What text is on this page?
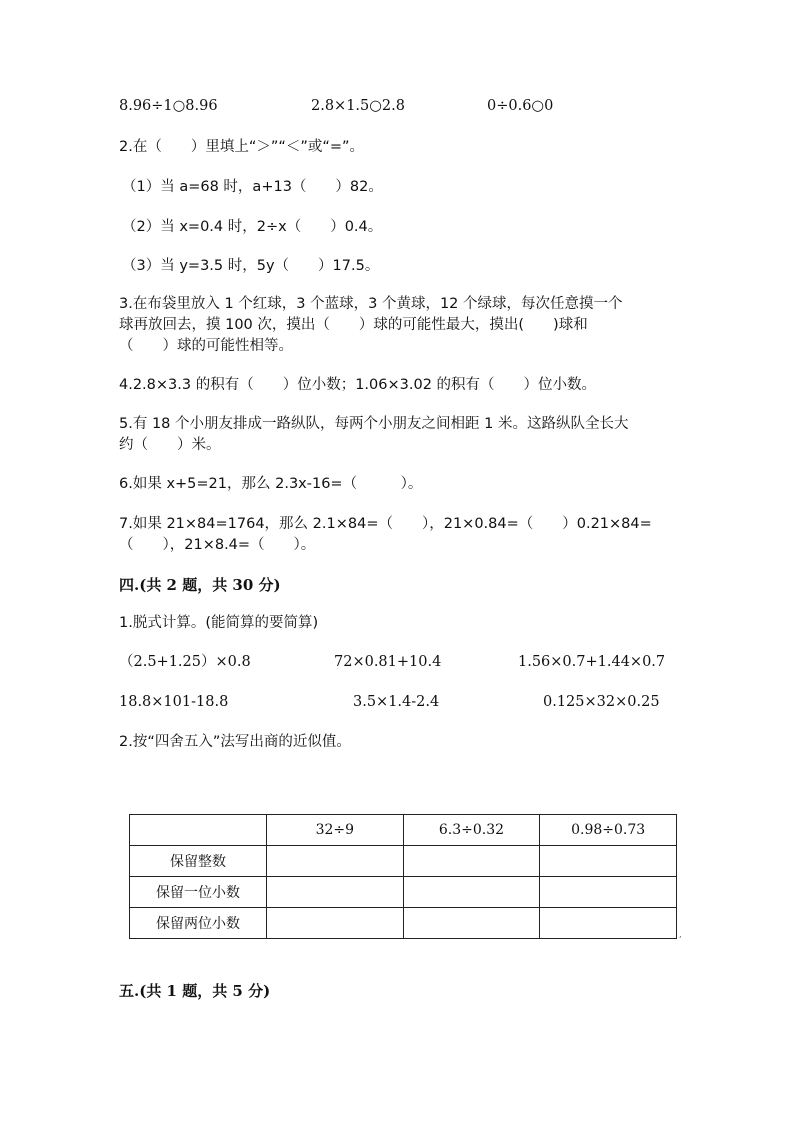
8.96÷1○8.96	2.8×1.5○2.8	0÷0.6○0
2.在（　　）里填上“＞”“＜”或“=”。
（1）当 a=68 时，a+13（　　）82。
（2）当 x=0.4 时，2÷x（　　）0.4。
（3）当 y=3.5 时，5y（　　）17.5。
3.在布袋里放入 1 个红球，3 个蓝球，3 个黄球，12 个绿球，每次任意摸一个
球再放回去，摸 100 次，摸出（　　）球的可能性最大，摸出(　　)球和
（　　）球的可能性相等。
4.2.8×3.3 的积有（　　）位小数；1.06×3.02 的积有（　　）位小数。
5.有 18 个小朋友排成一路纵队，每两个小朋友之间相距 1 米。这路纵队全长大
约（　　）米。
6.如果 x+5=21，那么 2.3x-16=（　　　）。
7.如果 21×84=1764，那么 2.1×84=（　　），21×0.84=（　　）0.21×84=
（　　），21×8.4=（　　）。
四.(共 2 题，共 30 分)
1.脱式计算。(能简算的要简算)
（2.5+1.25）×0.8	72×0.81+10.4	1.56×0.7+1.44×0.7
18.8×101-18.8	3.5×1.4-2.4	0.125×32×0.25
2.按“四舍五入”法写出商的近似值。
	32÷9	6.3÷0.32	0.98÷0.73
保留整数			
保留一位小数			
保留两位小数			
,
五.(共 1 题，共 5 分)
